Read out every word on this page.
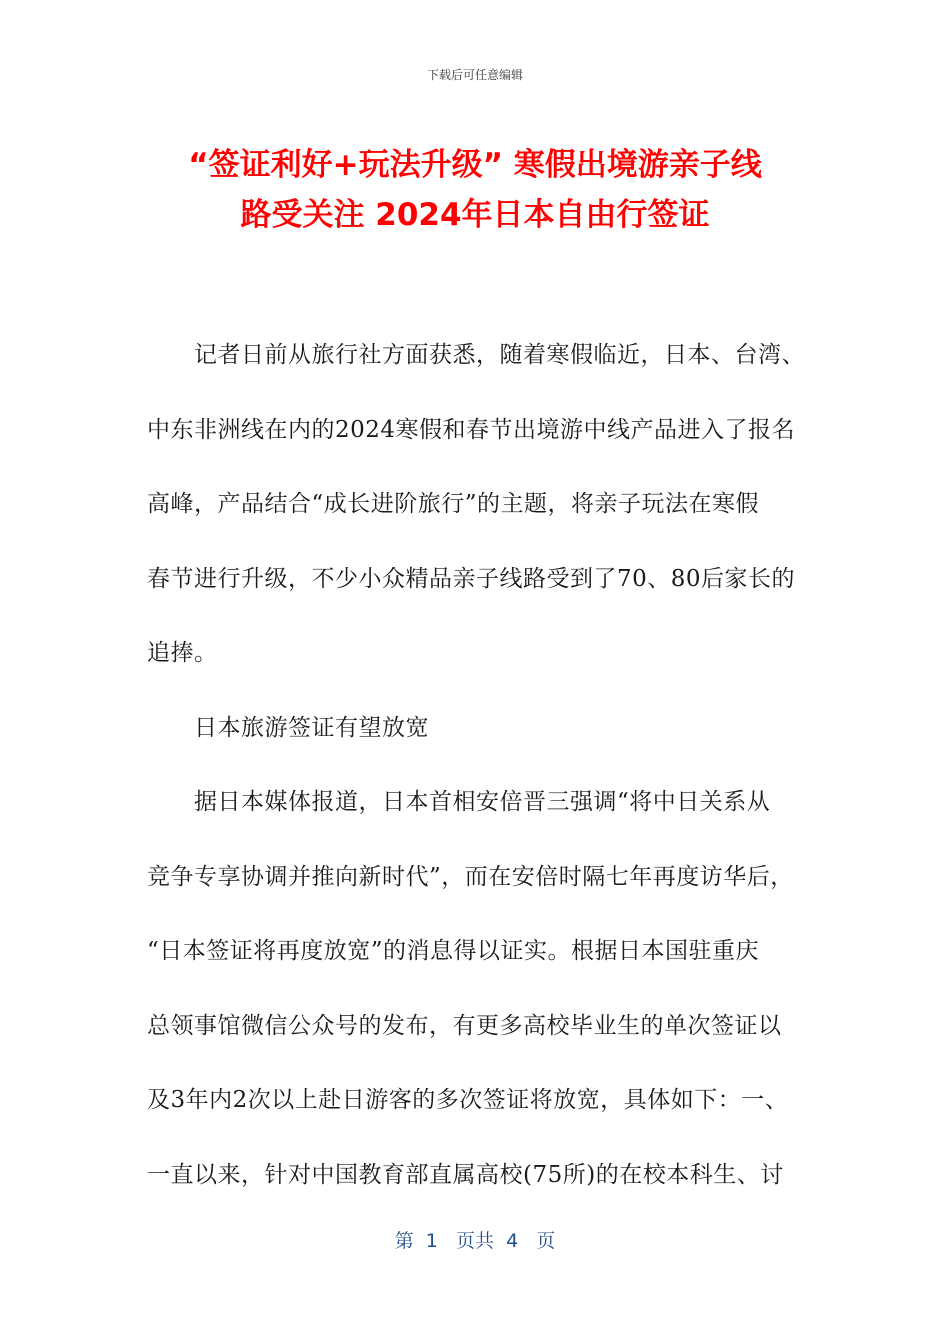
下载后可任意编辑
“签证利好+玩法升级” 寒假出境游亲子线
路受关注 2024年日本自由行签证

记者日前从旅行社方面获悉，随着寒假临近，日本、台湾、
中东非洲线在内的2024寒假和春节出境游中线产品进入了报名
高峰，产品结合“成长进阶旅行”的主题，将亲子玩法在寒假
春节进行升级，不少小众精品亲子线路受到了70、80后家长的
追捧。

日本旅游签证有望放宽

据日本媒体报道，日本首相安倍晋三强调“将中日关系从
竞争专享协调并推向新时代”，而在安倍时隔七年再度访华后，
“日本签证将再度放宽”的消息得以证实。根据日本国驻重庆
总领事馆微信公众号的发布，有更多高校毕业生的单次签证以
及3年内2次以上赴日游客的多次签证将放宽，具体如下：一、
一直以来，针对中国教育部直属高校(75所)的在校本科生、讨

第  1   页共  4   页
